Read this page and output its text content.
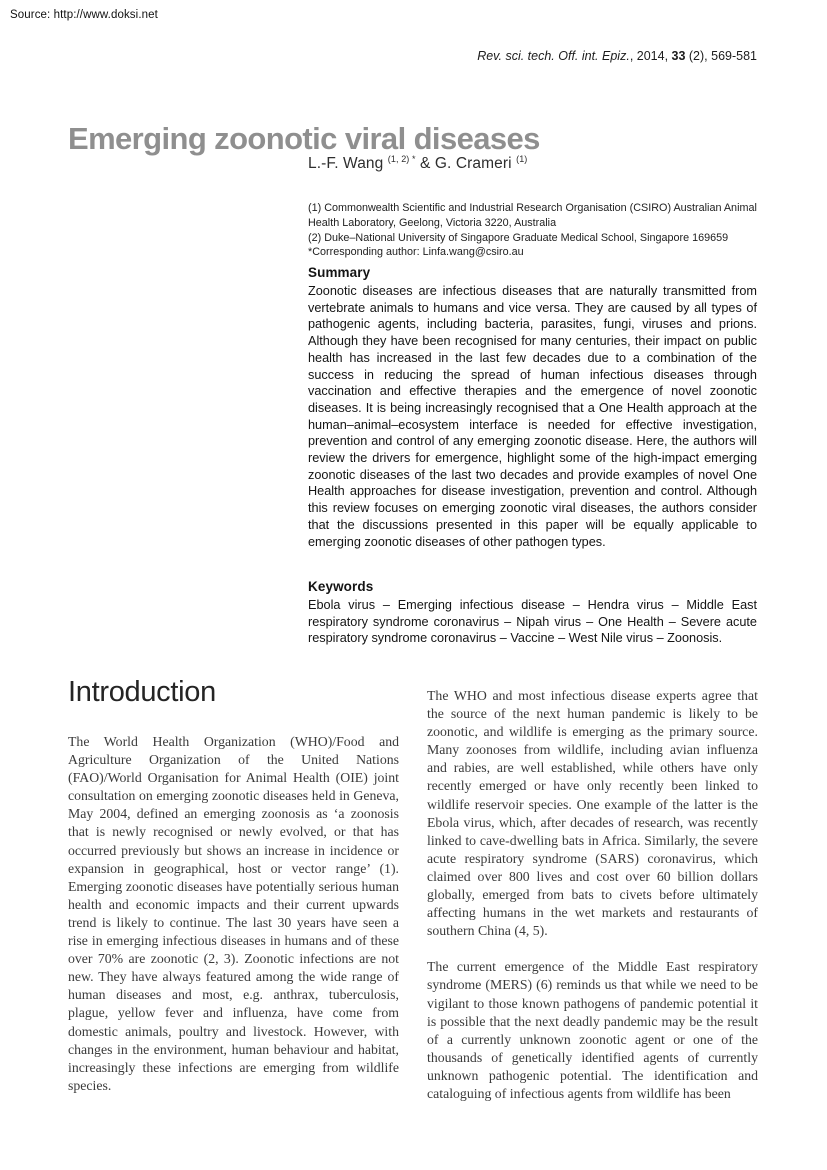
Source: http://www.doksi.net
Rev. sci. tech. Off. int. Epiz., 2014, 33 (2), 569-581
Emerging zoonotic viral diseases
L.-F. Wang $^{(1, 2) *}$ & G. Crameri $^{(1)}$

(1) Commonwealth Scientific and Industrial Research Organisation (CSIRO) Australian Animal Health Laboratory, Geelong, Victoria 3220, Australia

(2) Duke–National University of Singapore Graduate Medical School, Singapore 169659

*Corresponding author: Linfa.wang@csiro.au

Summary

Zoonotic diseases are infectious diseases that are naturally transmitted from vertebrate animals to humans and vice versa. They are caused by all types of pathogenic agents, including bacteria, parasites, fungi, viruses and prions. Although they have been recognised for many centuries, their impact on public health has increased in the last few decades due to a combination of the success in reducing the spread of human infectious diseases through vaccination and effective therapies and the emergence of novel zoonotic diseases. It is being increasingly recognised that a One Health approach at the human–animal–ecosystem interface is needed for effective investigation, prevention and control of any emerging zoonotic disease. Here, the authors will review the drivers for emergence, highlight some of the high-impact emerging zoonotic diseases of the last two decades and provide examples of novel One Health approaches for disease investigation, prevention and control. Although this review focuses on emerging zoonotic viral diseases, the authors consider that the discussions presented in this paper will be equally applicable to emerging zoonotic diseases of other pathogen types.

Keywords

Ebola virus – Emerging infectious disease – Hendra virus – Middle East respiratory syndrome coronavirus – Nipah virus – One Health – Severe acute respiratory syndrome coronavirus – Vaccine – West Nile virus – Zoonosis.

Introduction

The World Health Organization (WHO)/Food and Agriculture Organization of the United Nations (FAO)/World Organisation for Animal Health (OIE) joint consultation on emerging zoonotic diseases held in Geneva, May 2004, defined an emerging zoonosis as ‘a zoonosis that is newly recognised or newly evolved, or that has occurred previously but shows an increase in incidence or expansion in geographical, host or vector range’ (1). Emerging zoonotic diseases have potentially serious human health and economic impacts and their current upwards trend is likely to continue. The last 30 years have seen a rise in emerging infectious diseases in humans and of these over 70% are zoonotic (2, 3). Zoonotic infections are not new. They have always featured among the wide range of human diseases and most, e.g. anthrax, tuberculosis, plague, yellow fever and influenza, have come from domestic animals, poultry and livestock. However, with changes in the environment, human behaviour and habitat, increasingly these infections are emerging from wildlife species.

The WHO and most infectious disease experts agree that the source of the next human pandemic is likely to be zoonotic, and wildlife is emerging as the primary source. Many zoonoses from wildlife, including avian influenza and rabies, are well established, while others have only recently emerged or have only recently been linked to wildlife reservoir species. One example of the latter is the Ebola virus, which, after decades of research, was recently linked to cave-dwelling bats in Africa. Similarly, the severe acute respiratory syndrome (SARS) coronavirus, which claimed over 800 lives and cost over 60 billion dollars globally, emerged from bats to civets before ultimately affecting humans in the wet markets and restaurants of southern China (4, 5).

The current emergence of the Middle East respiratory syndrome (MERS) (6) reminds us that while we need to be vigilant to those known pathogens of pandemic potential it is possible that the next deadly pandemic may be the result of a currently unknown zoonotic agent or one of the thousands of genetically identified agents of currently unknown pathogenic potential. The identification and cataloguing of infectious agents from wildlife has been
